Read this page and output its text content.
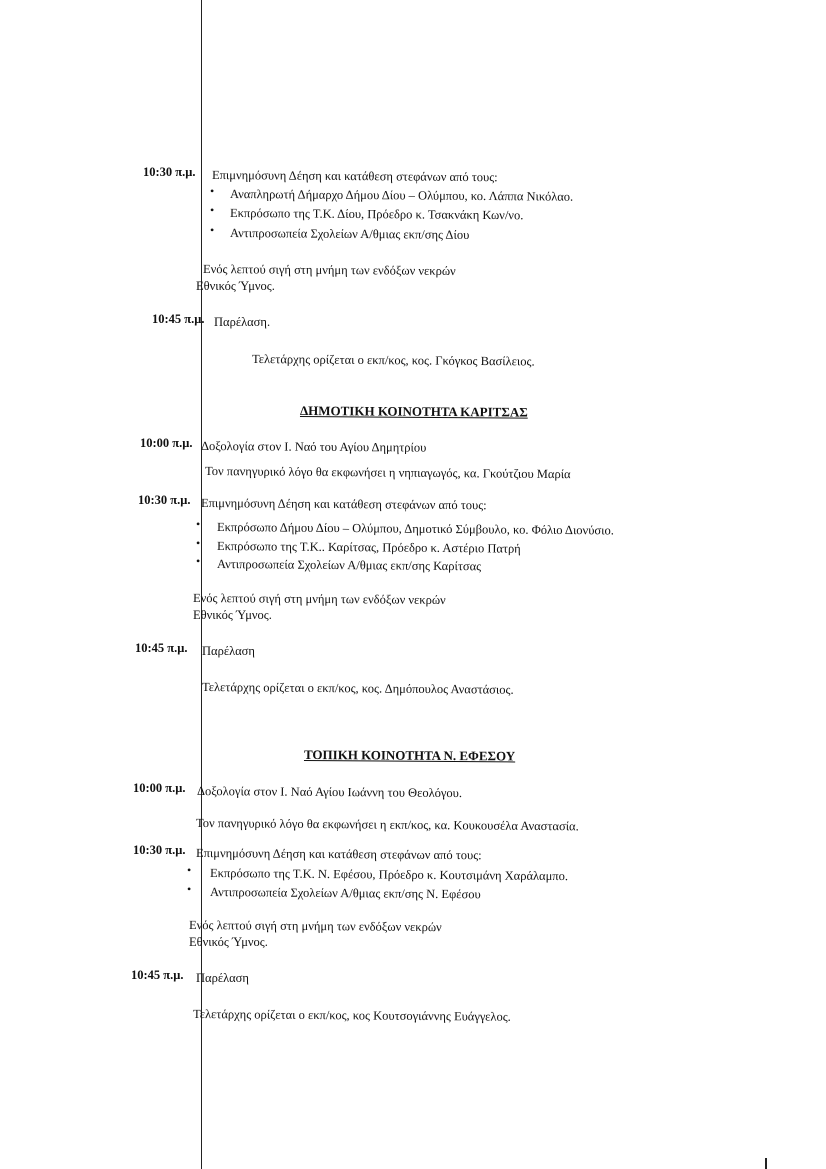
10:30 π.μ. Επιμνημόσυνη Δέηση και κατάθεση στεφάνων από τους:
• Αναπληρωτή Δήμαρχο Δήμου Δίου – Ολύμπου, κο. Λάππα Νικόλαο.
• Εκπρόσωπο της Τ.Κ. Δίου, Πρόεδρο κ. Τσακνάκη Κων/νο.
• Αντιπροσωπεία Σχολείων Α/θμιας εκπ/σης Δίου
Ενός λεπτού σιγή στη μνήμη των ενδόξων νεκρών
Εθνικός Ύμνος.
10:45 π.μ. Παρέλαση.
Τελετάρχης ορίζεται ο εκπ/κος, κος. Γκόγκος Βασίλειος.
ΔΗΜΟΤΙΚΗ ΚΟΙΝΟΤΗΤΑ ΚΑΡΙΤΣΑΣ
10:00 π.μ. Δοξολογία στον Ι. Ναό του Αγίου Δημητρίου
Τον πανηγυρικό λόγο θα εκφωνήσει η νηπιαγωγός, κα. Γκούτζιου Μαρία
10:30 π.μ. Επιμνημόσυνη Δέηση και κατάθεση στεφάνων από τους:
• Εκπρόσωπο Δήμου Δίου – Ολύμπου, Δημοτικό Σύμβουλο, κο. Φόλιο Διονύσιο.
• Εκπρόσωπο της Τ.Κ.. Καρίτσας, Πρόεδρο κ. Αστέριο Πατρή
• Αντιπροσωπεία Σχολείων Α/θμιας εκπ/σης Καρίτσας
Ενός λεπτού σιγή στη μνήμη των ενδόξων νεκρών
Εθνικός Ύμνος.
10:45 π.μ. Παρέλαση
Τελετάρχης ορίζεται ο εκπ/κος, κος. Δημόπουλος Αναστάσιος.
ΤΟΠΙΚΗ ΚΟΙΝΟΤΗΤΑ Ν. ΕΦΕΣΟΥ
10:00 π.μ. Δοξολογία στον Ι. Ναό Αγίου Ιωάννη του Θεολόγου.
Τον πανηγυρικό λόγο θα εκφωνήσει η εκπ/κος, κα. Κουκουσέλα Αναστασία.
10:30 π.μ. Επιμνημόσυνη Δέηση και κατάθεση στεφάνων από τους:
• Εκπρόσωπο της Τ.Κ. Ν. Εφέσου, Πρόεδρο κ. Κουτσιμάνη Χαράλαμπο.
• Αντιπροσωπεία Σχολείων Α/θμιας εκπ/σης Ν. Εφέσου
Ενός λεπτού σιγή στη μνήμη των ενδόξων νεκρών
Εθνικός Ύμνος.
10:45 π.μ. Παρέλαση
Τελετάρχης ορίζεται ο εκπ/κος, κος Κουτσογιάννης Ευάγγελος.
